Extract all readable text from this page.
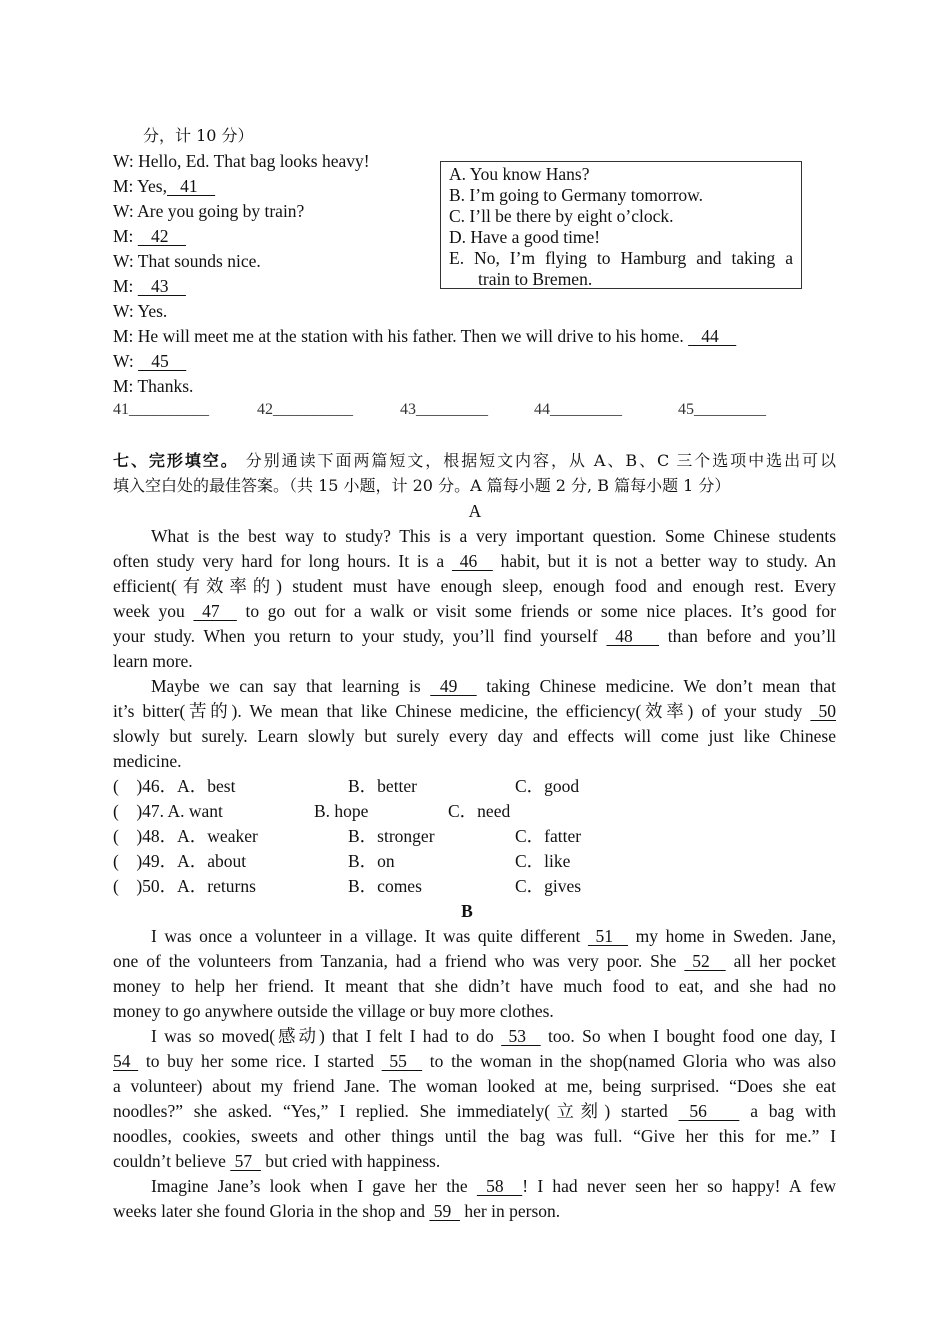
分，计 10 分）
W: Hello, Ed. That bag looks heavy!
M: Yes,   41
W: Are you going by train?
M:    42
W: That sounds nice.
M:    43
W: Yes.
M: He will meet me at the station with his father. Then we will drive to his home.    44
W:    45
M: Thanks.
A. You know Hans?
B. I’m going to Germany tomorrow.
C. I’ll be there by eight o’clock.
D. Have a good time!
E. No, I’m flying to Hamburg and taking a
train to Bremen.
41__________	42__________	43_________	44_________	45_________
七、完形填空。 分别通读下面两篇短文，根据短文内容，从 A、B、C 三个选项中选出可以
填入空白处的最佳答案。（共 15 小题，计 20 分。A 篇每小题 2 分, B 篇每小题 1 分）
A
What is the best way to study? This is a very important question. Some Chinese students
often study very hard for long hours. It is a  46   habit, but it is not a better way to study. An
efficient(有效率的) student must have enough sleep, enough food and enough rest. Every
week you  47   to go out for a walk or visit some friends or some nice places. It’s good for
your study. When you return to your study, you’ll find yourself  48    than before and you’ll
learn more.
Maybe we can say that learning is  49   taking Chinese medicine. We don’t mean that
it’s bitter(苦的). We mean that like Chinese medicine, the efficiency(效率) of your study  50
slowly but surely. Learn slowly but surely every day and effects will come just like Chinese
medicine.
(    )46．A．best	B．better	C．good
(    )47. A. want	B. hope	C．need
(    )48．A．weaker	B．stronger	C．fatter
(    )49．A．about	B．on	C．like
(    )50．A．returns	B．comes	C．gives
B
I was once a volunteer in a village. It was quite different  51   my home in Sweden. Jane,
one of the volunteers from Tanzania, had a friend who was very poor. She  52   all her pocket
money to help her friend. It meant that she didn’t have much food to eat, and she had no
money to go anywhere outside the village or buy more clothes.
I was so moved(感动) that I felt I had to do  53   too. So when I bought food one day, I
54  to buy her some rice. I started  55   to the woman in the shop(named Gloria who was also
a volunteer) about my friend Jane. The woman looked at me, being surprised. “Does she eat
noodles?” she asked. “Yes,” I replied. She immediately(立刻) started  56    a bag with
noodles, cookies, sweets and other things until the bag was full. “Give her this for me.” I
couldn’t believe  57   but cried with happiness.
Imagine Jane’s look when I gave her the  58  ! I had never seen her so happy! A few
weeks later she found Gloria in the shop and  59   her in person.
